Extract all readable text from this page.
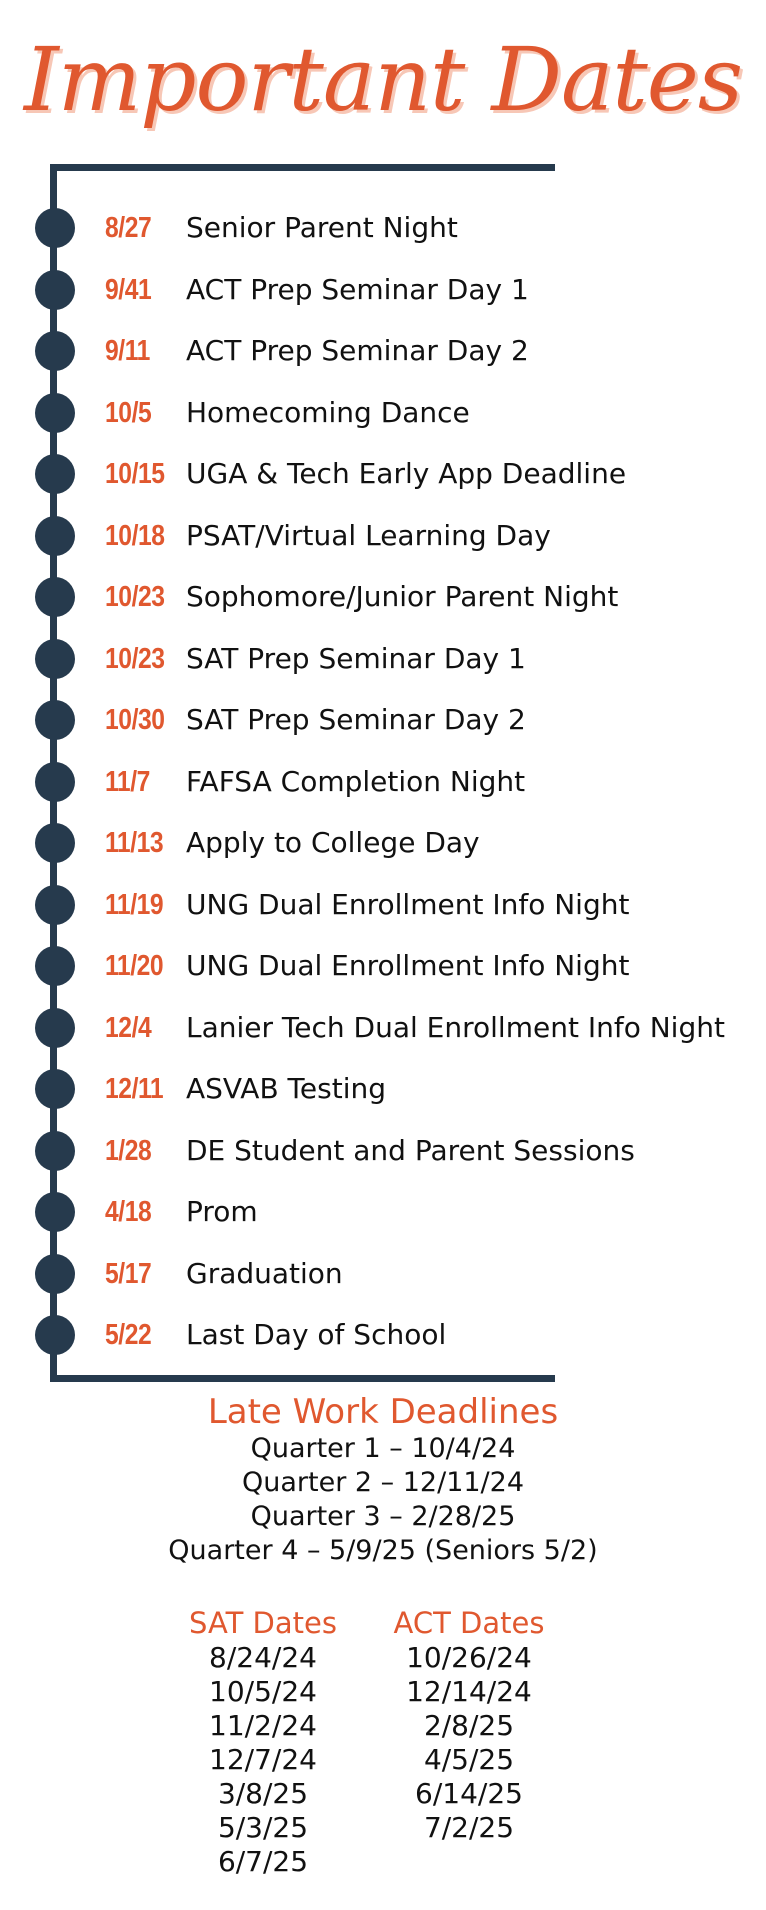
Important Dates
8/27 Senior Parent Night
9/41 ACT Prep Seminar Day 1
9/11 ACT Prep Seminar Day 2
10/5 Homecoming Dance
10/15 UGA & Tech Early App Deadline
10/18 PSAT/Virtual Learning Day
10/23 Sophomore/Junior Parent Night
10/23 SAT Prep Seminar Day 1
10/30 SAT Prep Seminar Day 2
11/7 FAFSA Completion Night
11/13 Apply to College Day
11/19 UNG Dual Enrollment Info Night
11/20 UNG Dual Enrollment Info Night
12/4 Lanier Tech Dual Enrollment Info Night
12/11 ASVAB Testing
1/28 DE Student and Parent Sessions
4/18 Prom
5/17 Graduation
5/22 Last Day of School
Late Work Deadlines
Quarter 1 – 10/4/24
Quarter 2 – 12/11/24
Quarter 3 – 2/28/25
Quarter 4 – 5/9/25 (Seniors 5/2)
SAT Dates
8/24/24
10/5/24
11/2/24
12/7/24
3/8/25
5/3/25
6/7/25
ACT Dates
10/26/24
12/14/24
2/8/25
4/5/25
6/14/25
7/2/25
